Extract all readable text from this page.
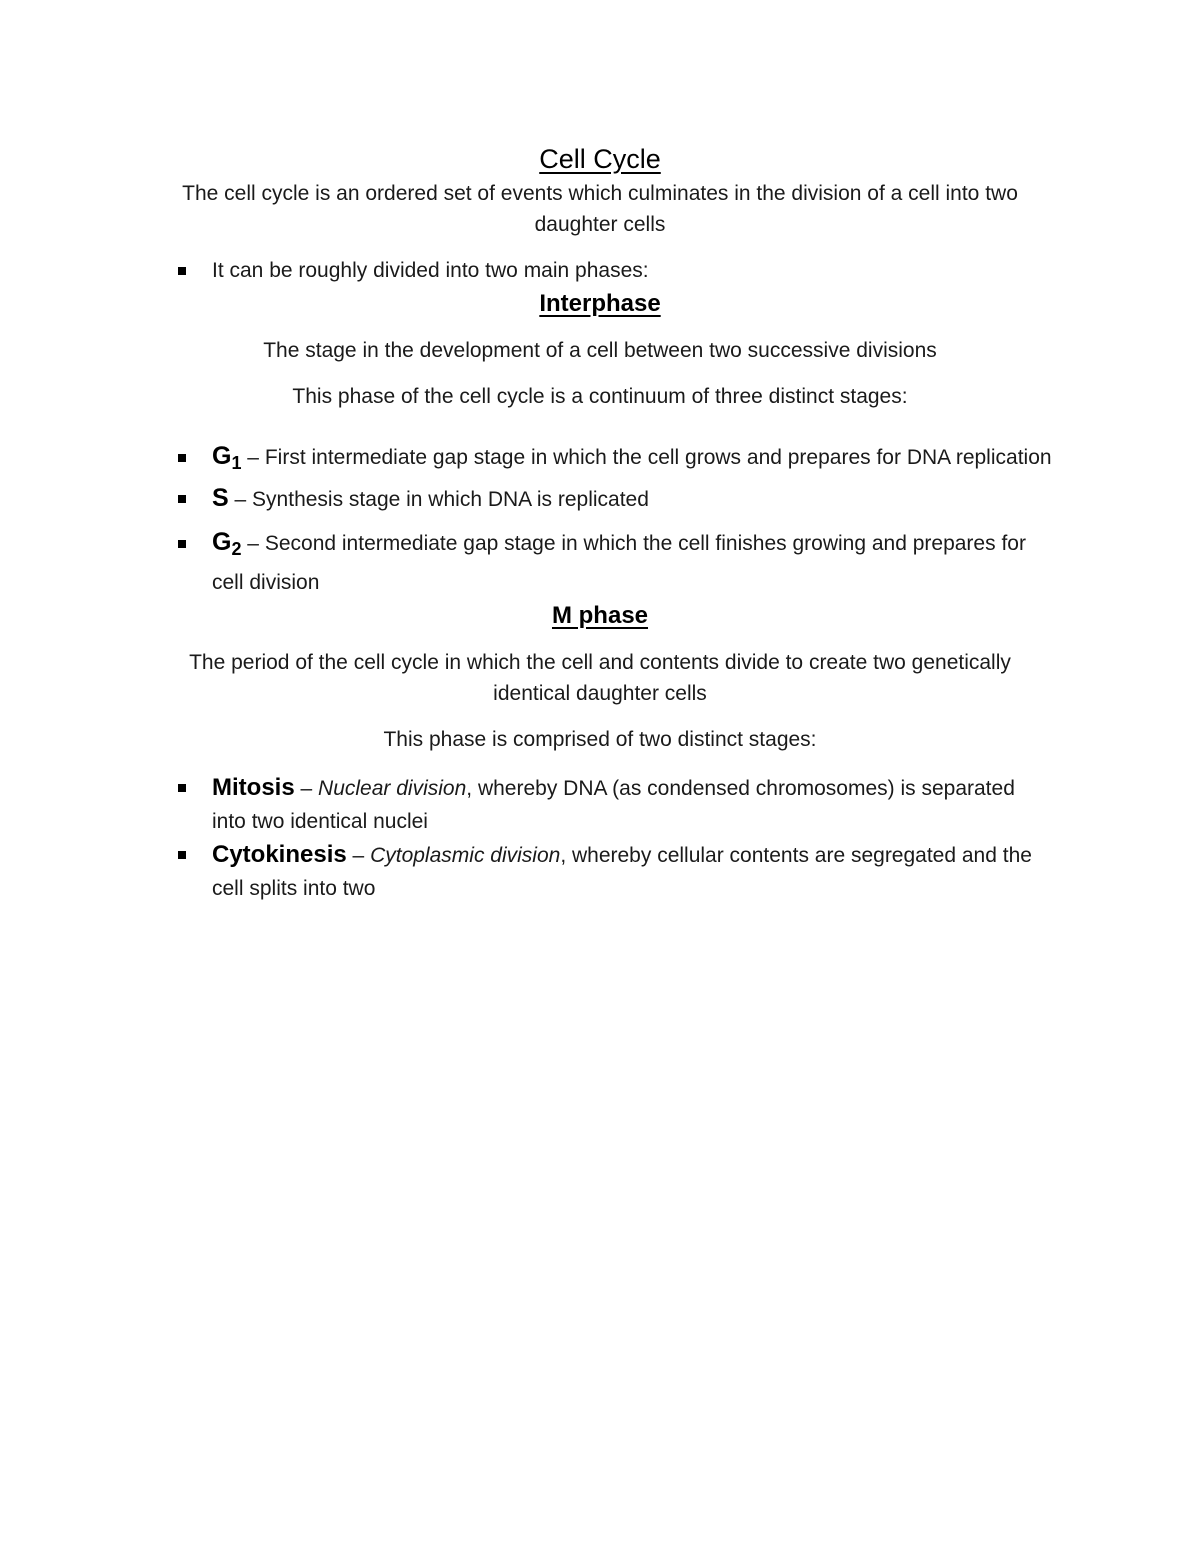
Cell Cycle

The cell cycle is an ordered set of events which culminates in the division of a cell into two daughter cells

It can be roughly divided into two main phases:
Interphase

The stage in the development of a cell between two successive divisions

This phase of the cell cycle is a continuum of three distinct stages:

$G_1$ – First intermediate gap stage in which the cell grows and prepares for DNA replication
S – Synthesis stage in which DNA is replicated
$G_2$ – Second intermediate gap stage in which the cell finishes growing and prepares for cell division
M phase

The period of the cell cycle in which the cell and contents divide to create two genetically identical daughter cells

This phase is comprised of two distinct stages:

Mitosis – Nuclear division, whereby DNA (as condensed chromosomes) is separated into two identical nuclei
Cytokinesis – Cytoplasmic division, whereby cellular contents are segregated and the cell splits into two
